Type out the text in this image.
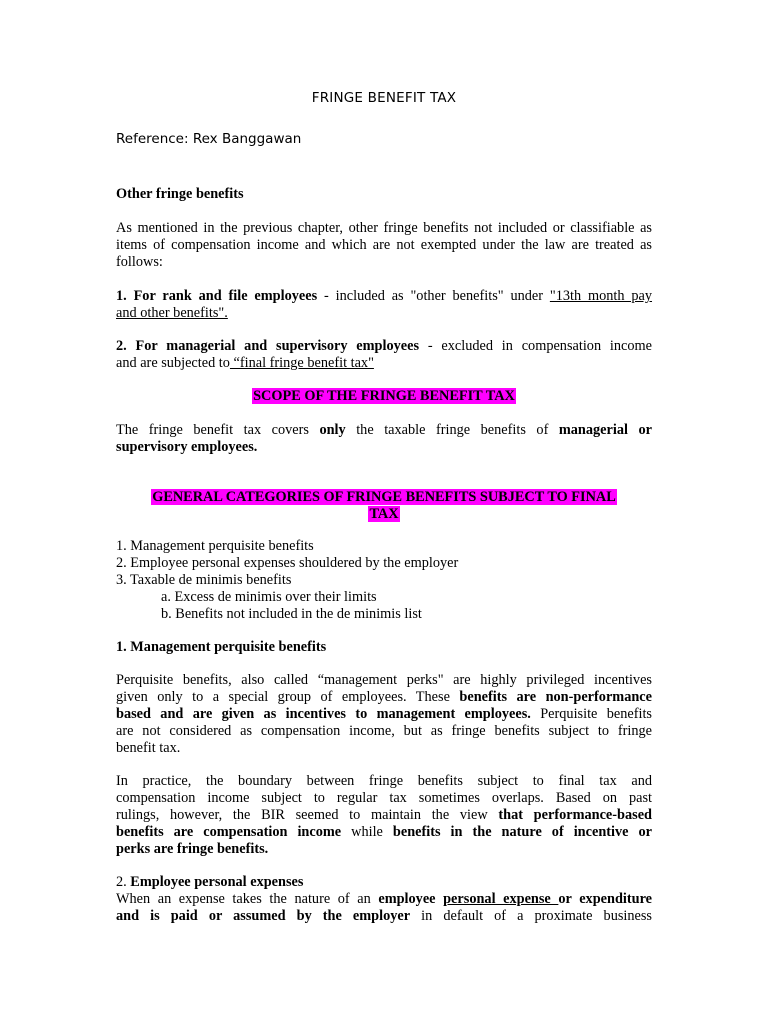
FRINGE BENEFIT TAX
Reference: Rex Banggawan
Other fringe benefits
As mentioned in the previous chapter, other fringe benefits not included or classifiable as items of compensation income and which are not exempted under the law are treated as follows:
1. For rank and file employees - included as "other benefits" under "13th month pay
and other benefits".
2. For managerial and supervisory employees - excluded in compensation income
and are subjected to “final fringe benefit tax"
SCOPE OF THE FRINGE BENEFIT TAX
The fringe benefit tax covers only the taxable fringe benefits of managerial or
supervisory employees.
GENERAL CATEGORIES OF FRINGE BENEFITS SUBJECT TO FINAL
TAX
1. Management perquisite benefits
2. Employee personal expenses shouldered by the employer
3. Taxable de minimis benefits
a. Excess de minimis over their limits
b. Benefits not included in the de minimis list
1. Management perquisite benefits
Perquisite benefits, also called “management perks" are highly privileged incentives
given only to a special group of employees. These benefits are non-performance
based and are given as incentives to management employees. Perquisite benefits
are not considered as compensation income, but as fringe benefits subject to fringe
benefit tax.
In practice, the boundary between fringe benefits subject to final tax and
compensation income subject to regular tax sometimes overlaps. Based on past
rulings, however, the BIR seemed to maintain the view that performance-based
benefits are compensation income while benefits in the nature of incentive or
perks are fringe benefits.
2. Employee personal expenses
When an expense takes the nature of an employee personal expense or expenditure
and is paid or assumed by the employer in default of a proximate business
